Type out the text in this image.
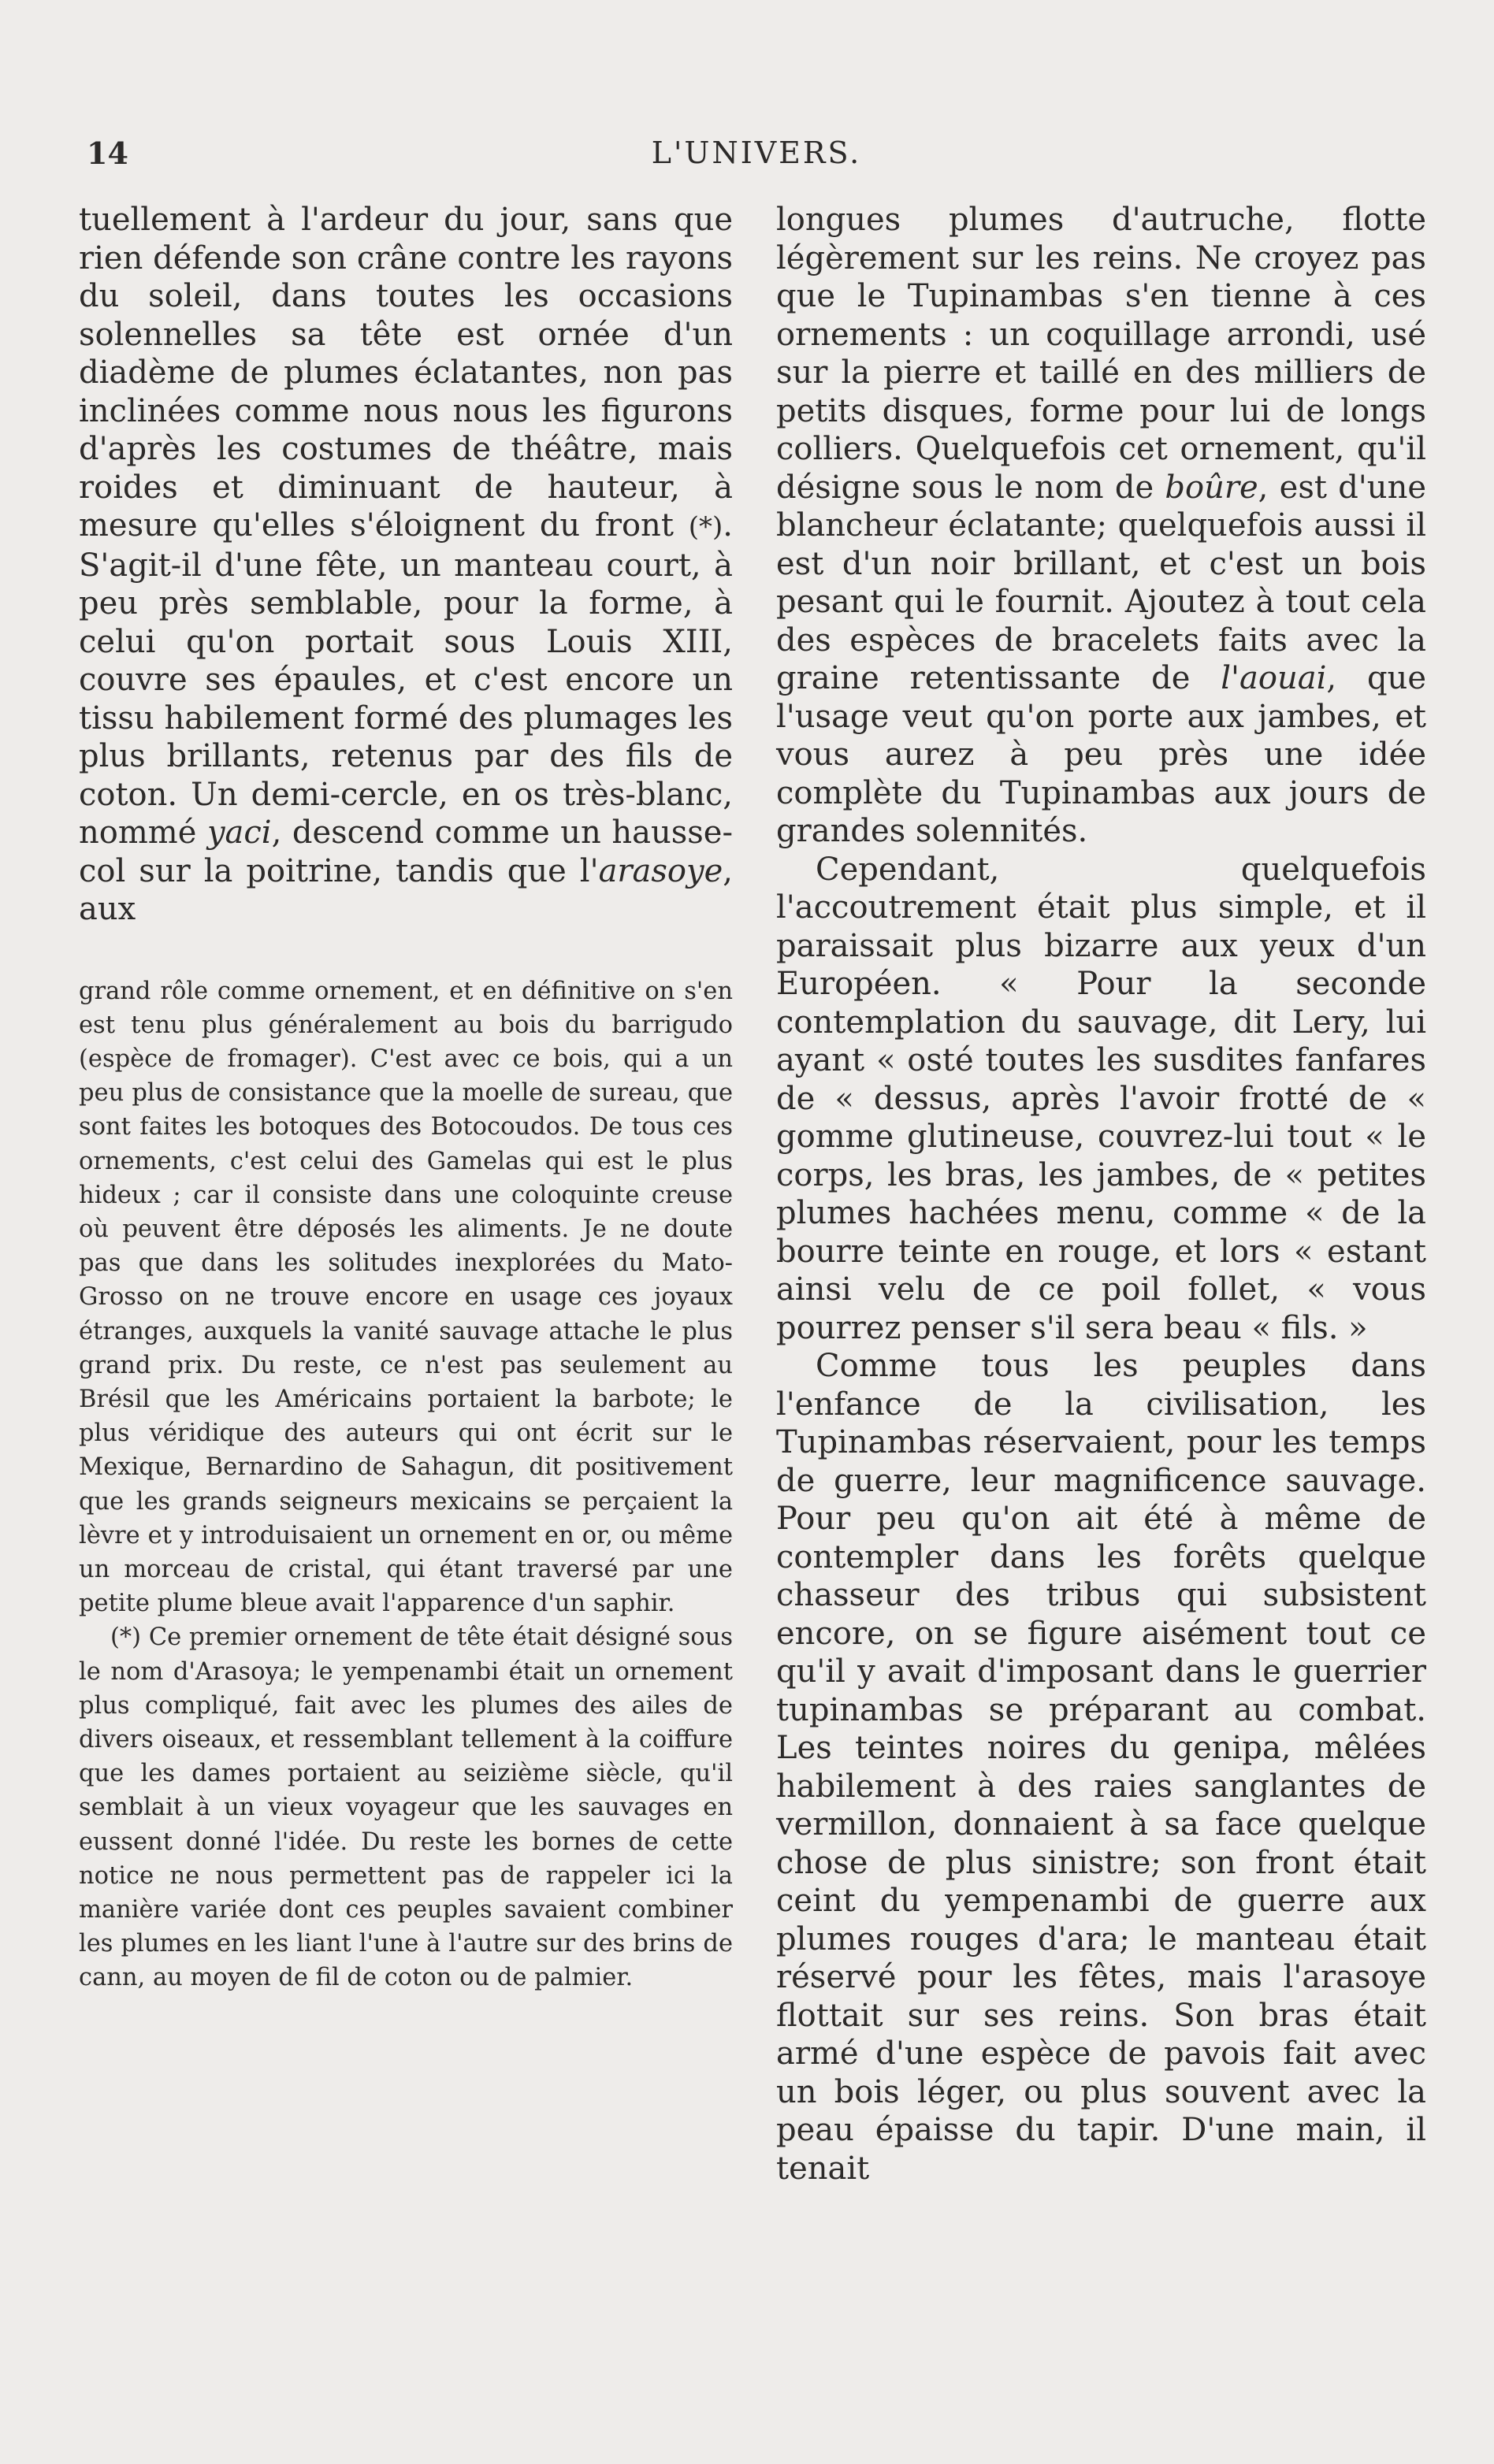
14	L'UNIVERS.

tuellement à l'ardeur du jour, sans que rien défende son crâne contre les rayons du soleil, dans toutes les occasions solennelles sa tête est ornée d'un diadème de plumes éclatantes, non pas inclinées comme nous nous les figurons d'après les costumes de théâtre, mais roides et diminuant de hauteur, à mesure qu'elles s'éloignent du front (*). S'agit-il d'une fête, un manteau court, à peu près semblable, pour la forme, à celui qu'on portait sous Louis XIII, couvre ses épaules, et c'est encore un tissu habilement formé des plumages les plus brillants, retenus par des fils de coton. Un demi-cercle, en os très-blanc, nommé yaci, descend comme un hausse-col sur la poitrine, tandis que l'arasoye, aux

grand rôle comme ornement, et en définitive on s'en est tenu plus généralement au bois du barrigudo (espèce de fromager). C'est avec ce bois, qui a un peu plus de consistance que la moelle de sureau, que sont faites les botoques des Botocoudos. De tous ces ornements, c'est celui des Gamelas qui est le plus hideux ; car il consiste dans une coloquinte creuse où peuvent être déposés les aliments. Je ne doute pas que dans les solitudes inexplorées du Mato-Grosso on ne trouve encore en usage ces joyaux étranges, auxquels la vanité sauvage attache le plus grand prix. Du reste, ce n'est pas seulement au Brésil que les Américains portaient la barbote; le plus véridique des auteurs qui ont écrit sur le Mexique, Bernardino de Sahagun, dit positivement que les grands seigneurs mexicains se perçaient la lèvre et y introduisaient un ornement en or, ou même un morceau de cristal, qui étant traversé par une petite plume bleue avait l'apparence d'un saphir.

(*) Ce premier ornement de tête était désigné sous le nom d'Arasoya; le yempenambi était un ornement plus compliqué, fait avec les plumes des ailes de divers oiseaux, et ressemblant tellement à la coiffure que les dames portaient au seizième siècle, qu'il semblait à un vieux voyageur que les sauvages en eussent donné l'idée. Du reste les bornes de cette notice ne nous permettent pas de rappeler ici la manière variée dont ces peuples savaient combiner les plumes en les liant l'une à l'autre sur des brins de cann, au moyen de fil de coton ou de palmier.

longues plumes d'autruche, flotte légèrement sur les reins. Ne croyez pas que le Tupinambas s'en tienne à ces ornements : un coquillage arrondi, usé sur la pierre et taillé en des milliers de petits disques, forme pour lui de longs colliers. Quelquefois cet ornement, qu'il désigne sous le nom de boûre, est d'une blancheur éclatante; quelquefois aussi il est d'un noir brillant, et c'est un bois pesant qui le fournit. Ajoutez à tout cela des espèces de bracelets faits avec la graine retentissante de l'aouai, que l'usage veut qu'on porte aux jambes, et vous aurez à peu près une idée complète du Tupinambas aux jours de grandes solennités.

Cependant, quelquefois l'accoutrement était plus simple, et il paraissait plus bizarre aux yeux d'un Européen. « Pour la seconde contemplation du sauvage, dit Lery, lui ayant « osté toutes les susdites fanfares de « dessus, après l'avoir frotté de « gomme glutineuse, couvrez-lui tout « le corps, les bras, les jambes, de « petites plumes hachées menu, comme « de la bourre teinte en rouge, et lors « estant ainsi velu de ce poil follet, « vous pourrez penser s'il sera beau « fils. »

Comme tous les peuples dans l'enfance de la civilisation, les Tupinambas réservaient, pour les temps de guerre, leur magnificence sauvage. Pour peu qu'on ait été à même de contempler dans les forêts quelque chasseur des tribus qui subsistent encore, on se figure aisément tout ce qu'il y avait d'imposant dans le guerrier tupinambas se préparant au combat. Les teintes noires du genipa, mêlées habilement à des raies sanglantes de vermillon, donnaient à sa face quelque chose de plus sinistre; son front était ceint du yempenambi de guerre aux plumes rouges d'ara; le manteau était réservé pour les fêtes, mais l'arasoye flottait sur ses reins. Son bras était armé d'une espèce de pavois fait avec un bois léger, ou plus souvent avec la peau épaisse du tapir. D'une main, il tenait
